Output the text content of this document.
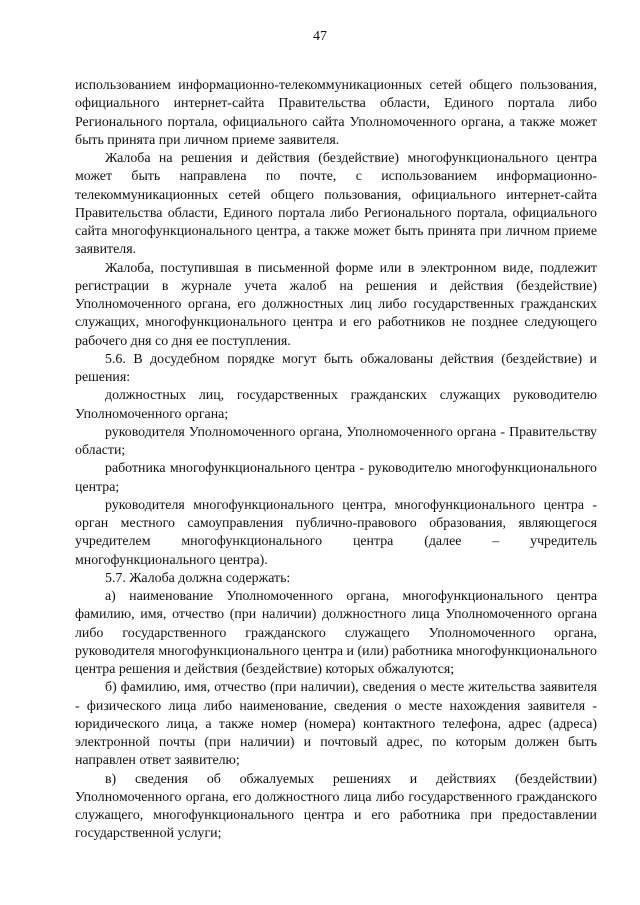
47

использованием информационно-телекоммуникационных сетей общего пользования, официального интернет-сайта Правительства области, Единого портала либо Регионального портала, официального сайта Уполномоченного органа, а также может быть принята при личном приеме заявителя.

Жалоба на решения и действия (бездействие) многофункционального центра может быть направлена по почте, с использованием информационно-телекоммуникационных сетей общего пользования, официального интернет-сайта Правительства области, Единого портала либо Регионального портала, официального сайта многофункционального центра, а также может быть принята при личном приеме заявителя.

Жалоба, поступившая в письменной форме или в электронном виде, подлежит регистрации в журнале учета жалоб на решения и действия (бездействие) Уполномоченного органа, его должностных лиц либо государственных гражданских служащих, многофункционального центра и его работников не позднее следующего рабочего дня со дня ее поступления.

5.6. В досудебном порядке могут быть обжалованы действия (бездействие) и решения:

должностных лиц, государственных гражданских служащих руководителю Уполномоченного органа;

руководителя Уполномоченного органа, Уполномоченного органа - Правительству области;

работника многофункционального центра - руководителю многофункционального центра;

руководителя многофункционального центра, многофункционального центра - орган местного самоуправления публично-правового образования, являющегося учредителем многофункционального центра (далее – учредитель многофункционального центра).

5.7. Жалоба должна содержать:

а) наименование Уполномоченного органа, многофункционального центра фамилию, имя, отчество (при наличии) должностного лица Уполномоченного органа либо государственного гражданского служащего Уполномоченного органа, руководителя многофункционального центра и (или) работника многофункционального центра решения и действия (бездействие) которых обжалуются;

б) фамилию, имя, отчество (при наличии), сведения о месте жительства заявителя - физического лица либо наименование, сведения о месте нахождения заявителя - юридического лица, а также номер (номера) контактного телефона, адрес (адреса) электронной почты (при наличии) и почтовый адрес, по которым должен быть направлен ответ заявителю;

в) сведения об обжалуемых решениях и действиях (бездействии) Уполномоченного органа, его должностного лица либо государственного гражданского служащего, многофункционального центра и его работника при предоставлении государственной услуги;
